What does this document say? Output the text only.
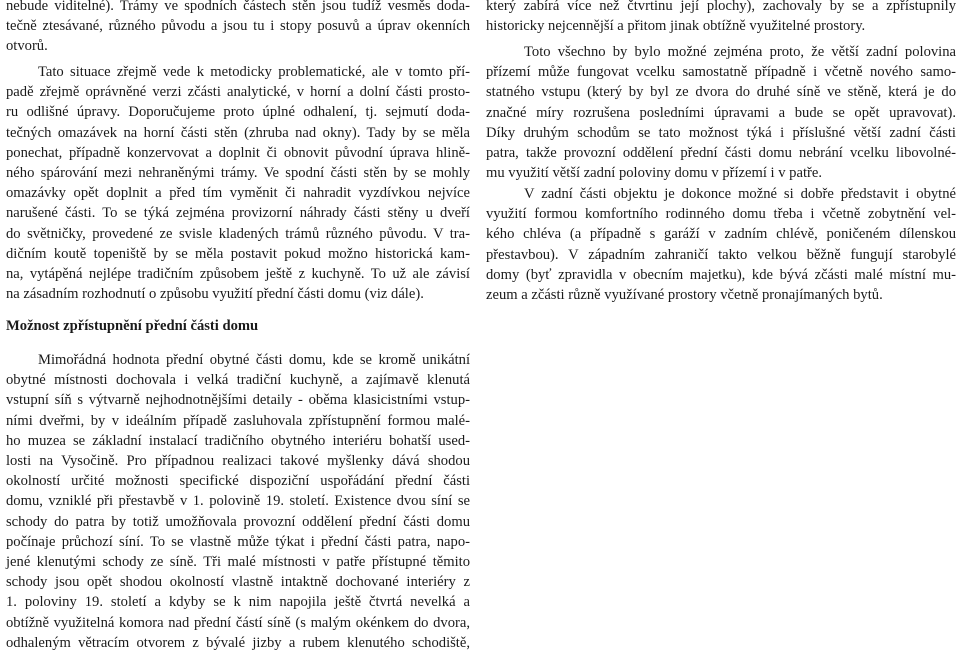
nebude viditelné). Trámy ve spodních částech stěn jsou tudíž vesměs doda-
tečně ztesávané, různého původu a jsou tu i stopy posuvů a úprav okenních
otvorů.
Tato situace zřejmě vede k metodicky problematické, ale v tomto pří-
padě zřejmě oprávněné verzi zčásti analytické, v horní a dolní části prosto-
ru odlišné úpravy. Doporučujeme proto úplné odhalení, tj. sejmutí doda-
tečných omazávek na horní části stěn (zhruba nad okny). Tady by se měla
ponechat, případně konzervovat a doplnit či obnovit původní úprava hlině-
ného spárování mezi nehraněnými trámy. Ve spodní části stěn by se mohly
omazávky opět doplnit a před tím vyměnit či nahradit vyzdívkou nejvíce
narušené části. To se týká zejména provizorní náhrady části stěny u dveří
do světničky, provedené ze svisle kladených trámů různého původu. V tra-
dičním koutě topeniště by se měla postavit pokud možno historická kam-
na, vytápěná nejlépe tradičním způsobem ještě z kuchyně. To už ale závisí
na zásadním rozhodnutí o způsobu využití přední části domu (viz dále).
Možnost zpřístupnění přední části domu
Mimořádná hodnota přední obytné části domu, kde se kromě unikátní
obytné místnosti dochovala i velká tradiční kuchyně, a zajímavě klenutá
vstupní síň s výtvarně nejhodnotnějšími detaily - oběma klasicistními vstup-
ními dveřmi, by v ideálním případě zasluhovala zpřístupnění formou malé-
ho muzea se základní instalací tradičního obytného interiéru bohatší used-
losti na Vysočině. Pro případnou realizaci takové myšlenky dává shodou
okolností určité možnosti specifické dispoziční uspořádání přední části
domu, vzniklé při přestavbě v 1. polovině 19. století. Existence dvou síní se
schody do patra by totiž umožňovala provozní oddělení přední části domu
počínaje průchozí síní. To se vlastně může týkat i přední části patra, napo-
jené klenutými schody ze síně. Tři malé místnosti v patře přístupné těmito
schody jsou opět shodou okolností vlastně intaktně dochované interiéry z
1. poloviny 19. století a kdyby se k nim napojila ještě čtvrtá nevelká a
obtížně využitelná komora nad přední částí síně (s malým okénkem do dvora,
odhaleným větracím otvorem z bývalé jizby a rubem klenutého schodiště,
který zabírá více než čtvrtinu její plochy), zachovaly by se a zpřístupnily
historicky nejcennější a přitom jinak obtížně využitelné prostory.
Toto všechno by bylo možné zejména proto, že větší zadní polovina
přízemí může fungovat vcelku samostatně případně i včetně nového samo-
statného vstupu (který by byl ze dvora do druhé síně ve stěně, která je do
značné míry rozrušena posledními úpravami a bude se opět upravovat).
Díky druhým schodům se tato možnost týká i příslušné větší zadní části
patra, takže provozní oddělení přední části domu nebrání vcelku libovolné-
mu využití větší zadní poloviny domu v přízemí i v patře.
V zadní části objektu je dokonce možné si dobře představit i obytné
využití formou komfortního rodinného domu třeba i včetně zobytnění vel-
kého chléva (a případně s garáží v zadním chlévě, poničeném dílenskou
přestavbou). V západním zahraničí takto velkou běžně fungují starobylé
domy (byť zpravidla v obecním majetku), kde bývá zčásti malé místní mu-
zeum a zčásti různě využívané prostory včetně pronajímaných bytů.
